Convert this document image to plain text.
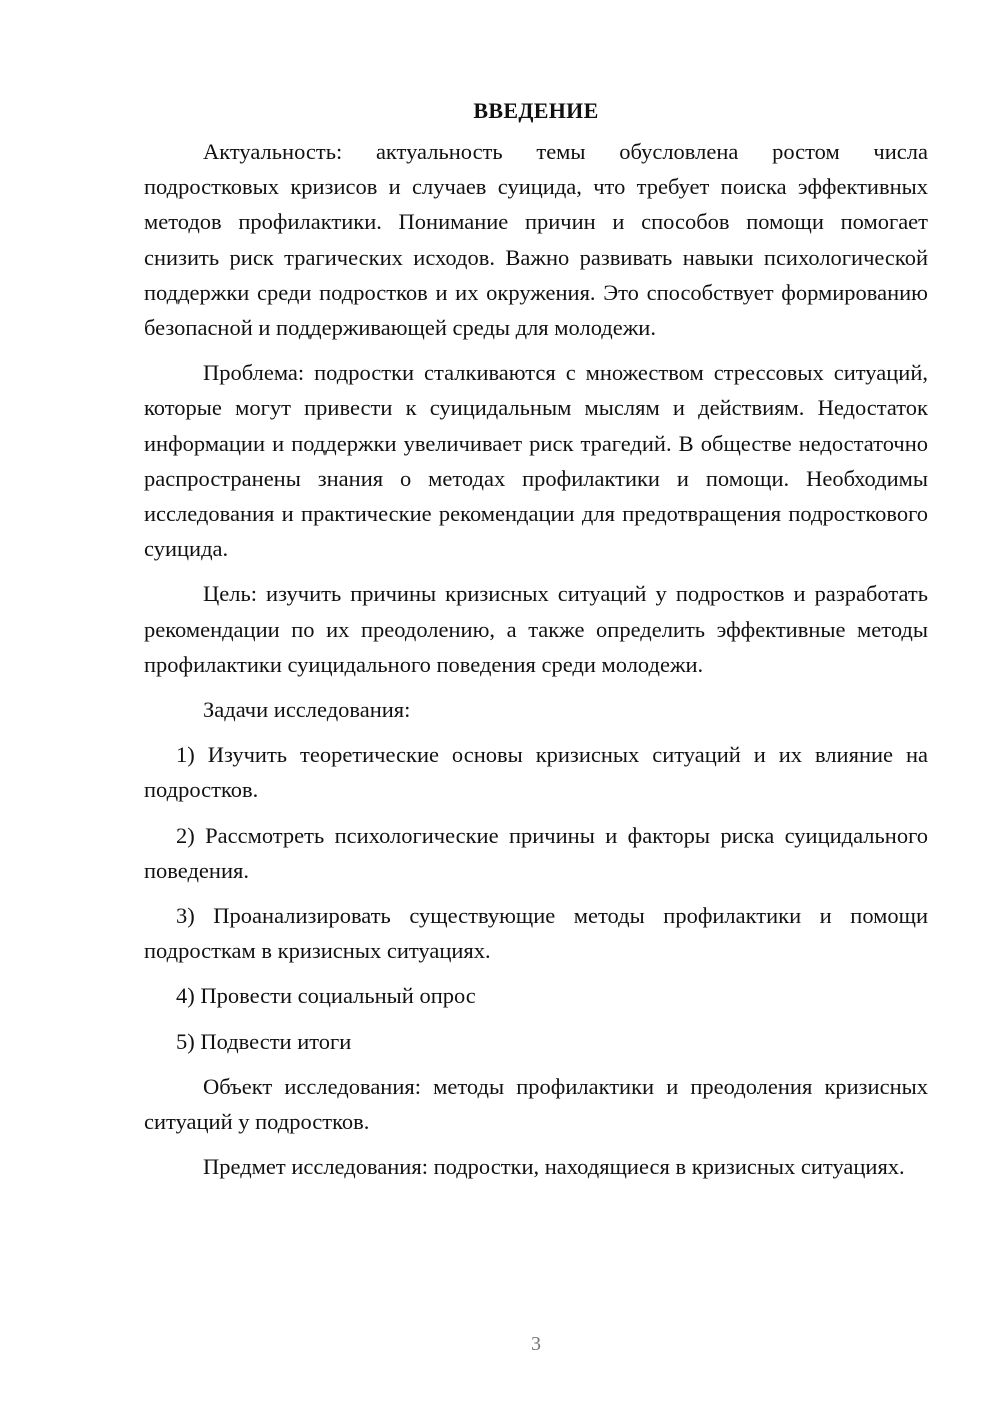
ВВЕДЕНИЕ

Актуальность: актуальность темы обусловлена ростом числа подростковых кризисов и случаев суицида, что требует поиска эффективных методов профилактики. Понимание причин и способов помощи помогает снизить риск трагических исходов. Важно развивать навыки психологической поддержки среди подростков и их окружения. Это способствует формированию безопасной и поддерживающей среды для молодежи.

Проблема: подростки сталкиваются с множеством стрессовых ситуаций, которые могут привести к суицидальным мыслям и действиям. Недостаток информации и поддержки увеличивает риск трагедий. В обществе недостаточно распространены знания о методах профилактики и помощи. Необходимы исследования и практические рекомендации для предотвращения подросткового суицида.

Цель: изучить причины кризисных ситуаций у подростков и разработать рекомендации по их преодолению, а также определить эффективные методы профилактики суицидального поведения среди молодежи.

Задачи исследования:

1) Изучить теоретические основы кризисных ситуаций и их влияние на подростков.

2) Рассмотреть психологические причины и факторы риска суицидального поведения.

3) Проанализировать существующие методы профилактики и помощи подросткам в кризисных ситуациях.

4) Провести социальный опрос

5) Подвести итоги

Объект исследования: методы профилактики и преодоления кризисных ситуаций у подростков.

Предмет исследования: подростки, находящиеся в кризисных ситуациях.

3
